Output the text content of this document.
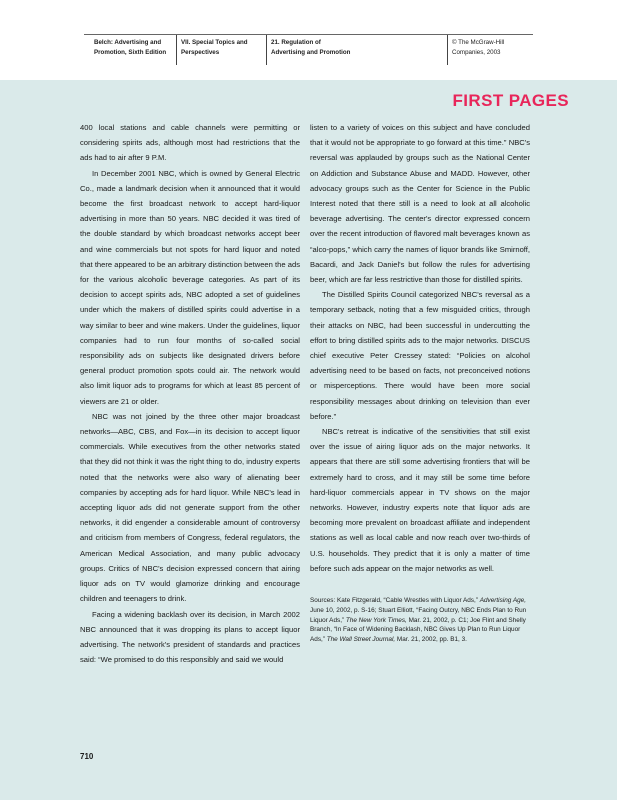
Belch: Advertising and
Promotion, Sixth Edition
VII. Special Topics and
Perspectives
21. Regulation of
Advertising and Promotion
© The McGraw-Hill
Companies, 2003
FIRST PAGES

400 local stations and cable channels were permitting or considering spirits ads, although most had restrictions that the ads had to air after 9 P.M.

In December 2001 NBC, which is owned by General Electric Co., made a landmark decision when it announced that it would become the first broadcast network to accept hard-liquor advertising in more than 50 years. NBC decided it was tired of the double standard by which broadcast networks accept beer and wine commercials but not spots for hard liquor and noted that there appeared to be an arbitrary distinction between the ads for the various alcoholic beverage categories. As part of its decision to accept spirits ads, NBC adopted a set of guidelines under which the makers of distilled spirits could advertise in a way similar to beer and wine makers. Under the guidelines, liquor companies had to run four months of so-called social responsibility ads on subjects like designated drivers before general product promotion spots could air. The network would also limit liquor ads to programs for which at least 85 percent of viewers are 21 or older.

NBC was not joined by the three other major broadcast networks—ABC, CBS, and Fox—in its decision to accept liquor commercials. While executives from the other networks stated that they did not think it was the right thing to do, industry experts noted that the networks were also wary of alienating beer companies by accepting ads for hard liquor. While NBC's lead in accepting liquor ads did not generate support from the other networks, it did engender a considerable amount of controversy and criticism from members of Congress, federal regulators, the American Medical Association, and many public advocacy groups. Critics of NBC's decision expressed concern that airing liquor ads on TV would glamorize drinking and encourage children and teenagers to drink.

Facing a widening backlash over its decision, in March 2002 NBC announced that it was dropping its plans to accept liquor advertising. The network's president of standards and practices said: “We promised to do this responsibly and said we would

listen to a variety of voices on this subject and have concluded that it would not be appropriate to go forward at this time.” NBC's reversal was applauded by groups such as the National Center on Addiction and Substance Abuse and MADD. However, other advocacy groups such as the Center for Science in the Public Interest noted that there still is a need to look at all alcoholic beverage advertising. The center's director expressed concern over the recent introduction of flavored malt beverages known as “alco-pops,” which carry the names of liquor brands like Smirnoff, Bacardi, and Jack Daniel's but follow the rules for advertising beer, which are far less restrictive than those for distilled spirits.

The Distilled Spirits Council categorized NBC's reversal as a temporary setback, noting that a few misguided critics, through their attacks on NBC, had been successful in undercutting the effort to bring distilled spirits ads to the major networks. DISCUS chief executive Peter Cressey stated: “Policies on alcohol advertising need to be based on facts, not preconceived notions or misperceptions. There would have been more social responsibility messages about drinking on television than ever before.”

NBC's retreat is indicative of the sensitivities that still exist over the issue of airing liquor ads on the major networks. It appears that there are still some advertising frontiers that will be extremely hard to cross, and it may still be some time before hard-liquor commercials appear in TV shows on the major networks. However, industry experts note that liquor ads are becoming more prevalent on broadcast affiliate and independent stations as well as local cable and now reach over two-thirds of U.S. households. They predict that it is only a matter of time before such ads appear on the major networks as well.

Sources: Kate Fitzgerald, “Cable Wrestles with Liquor Ads,” Advertising Age, June 10, 2002, p. S-16; Stuart Elliott, “Facing Outcry, NBC Ends Plan to Run Liquor Ads,” The New York Times, Mar. 21, 2002, p. C1; Joe Flint and Shelly Branch, “In Face of Widening Backlash, NBC Gives Up Plan to Run Liquor Ads,” The Wall Street Journal, Mar. 21, 2002, pp. B1, 3.
710
